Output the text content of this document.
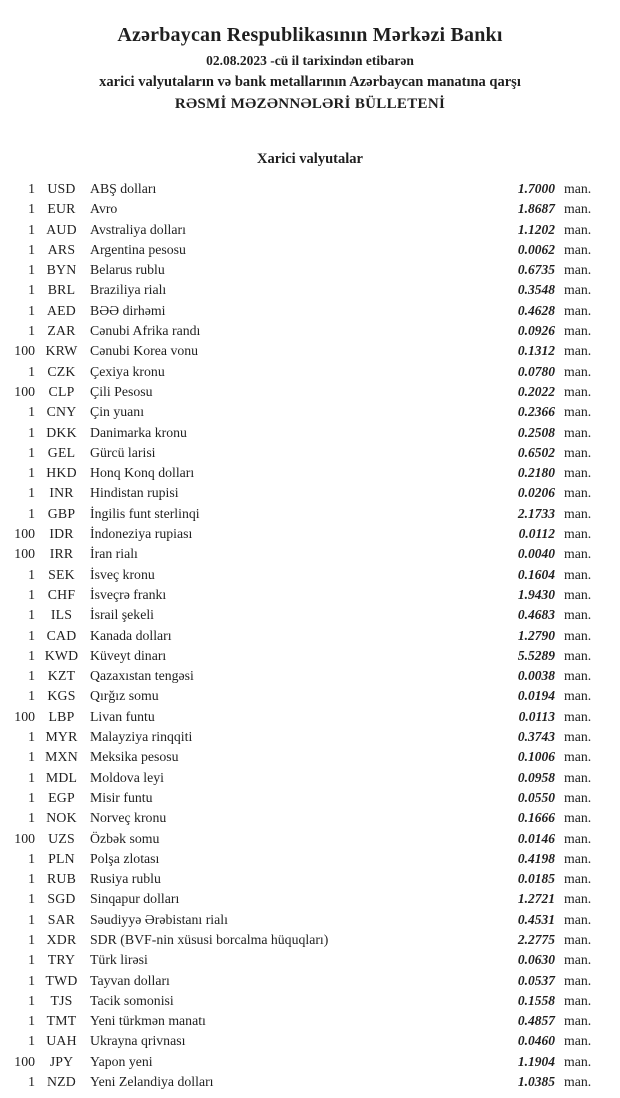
Azərbaycan Respublikasının Mərkəzi Bankı
02.08.2023 -cü il tarixindən etibarən
xarici valyutaların və bank metallarının Azərbaycan manatına qarşı
RƏSMİ MƏZƏNNƏLƏRİ BÜLLETENİ
Xarici valyutalar
1 USD	ABŞ dolları	1.7000 man.
1 EUR	Avro	1.8687 man.
1 AUD Avstraliya dolları	1.1202 man.
1 ARS	Argentina pesosu	0.0062 man.
1 BYN Belarus rublu	0.6735 man.
1 BRL	Braziliya rialı	0.3548 man.
1 AED	BƏƏ dirhəmi	0.4628 man.
1 ZAR	Cənubi Afrika randı	0.0926 man.
100 KRW Cənubi Korea vonu	0.1312 man.
1 CZK	Çexiya kronu	0.0780 man.
100 CLP	Çili Pesosu	0.2022 man.
1 CNY Çin yuanı	0.2366 man.
1 DKK Danimarka kronu	0.2508 man.
1 GEL	Gürcü larisi	0.6502 man.
1 HKD Honq Konq dolları	0.2180 man.
1	INR	Hindistan rupisi	0.0206 man.
1 GBP	İngilis funt sterlinqi	2.1733 man.
100	IDR	İndoneziya rupiası	0.0112 man.
100	IRR	İran rialı	0.0040 man.
1 SEK	İsveç kronu	0.1604 man.
1 CHF	İsveçrə frankı	1.9430 man.
1	ILS	İsrail şekeli	0.4683 man.
1 CAD Kanada dolları	1.2790 man.
1 KWD Küveyt dinarı	5.5289 man.
1 KZT	Qazaxıstan tengəsi	0.0038 man.
1 KGS	Qırğız somu	0.0194 man.
100 LBP	Livan funtu	0.0113 man.
1 MYR Malayziya rinqqiti	0.3743 man.
1 MXN Meksika pesosu	0.1006 man.
1 MDL Moldova leyi	0.0958 man.
1 EGP	Misir funtu	0.0550 man.
1 NOK Norveç kronu	0.1666 man.
100 UZS	Özbək somu	0.0146 man.
1 PLN	Polşa zlotası	0.4198 man.
1 RUB	Rusiya rublu	0.0185 man.
1 SGD	Sinqapur dolları	1.2721 man.
1 SAR	Səudiyyə Ərəbistanı rialı	0.4531 man.
1 XDR SDR (BVF-nin xüsusi borcalma hüquqları)	2.2775 man.
1 TRY	Türk lirəsi	0.0630 man.
1 TWD Tayvan dolları	0.0537 man.
1	TJS	Tacik somonisi	0.1558 man.
1 TMT Yeni türkmən manatı	0.4857 man.
1 UAH Ukrayna qrivnası	0.0460 man.
100	JPY	Yapon yeni	1.1904 man.
1 NZD	Yeni Zelandiya dolları	1.0385 man.
